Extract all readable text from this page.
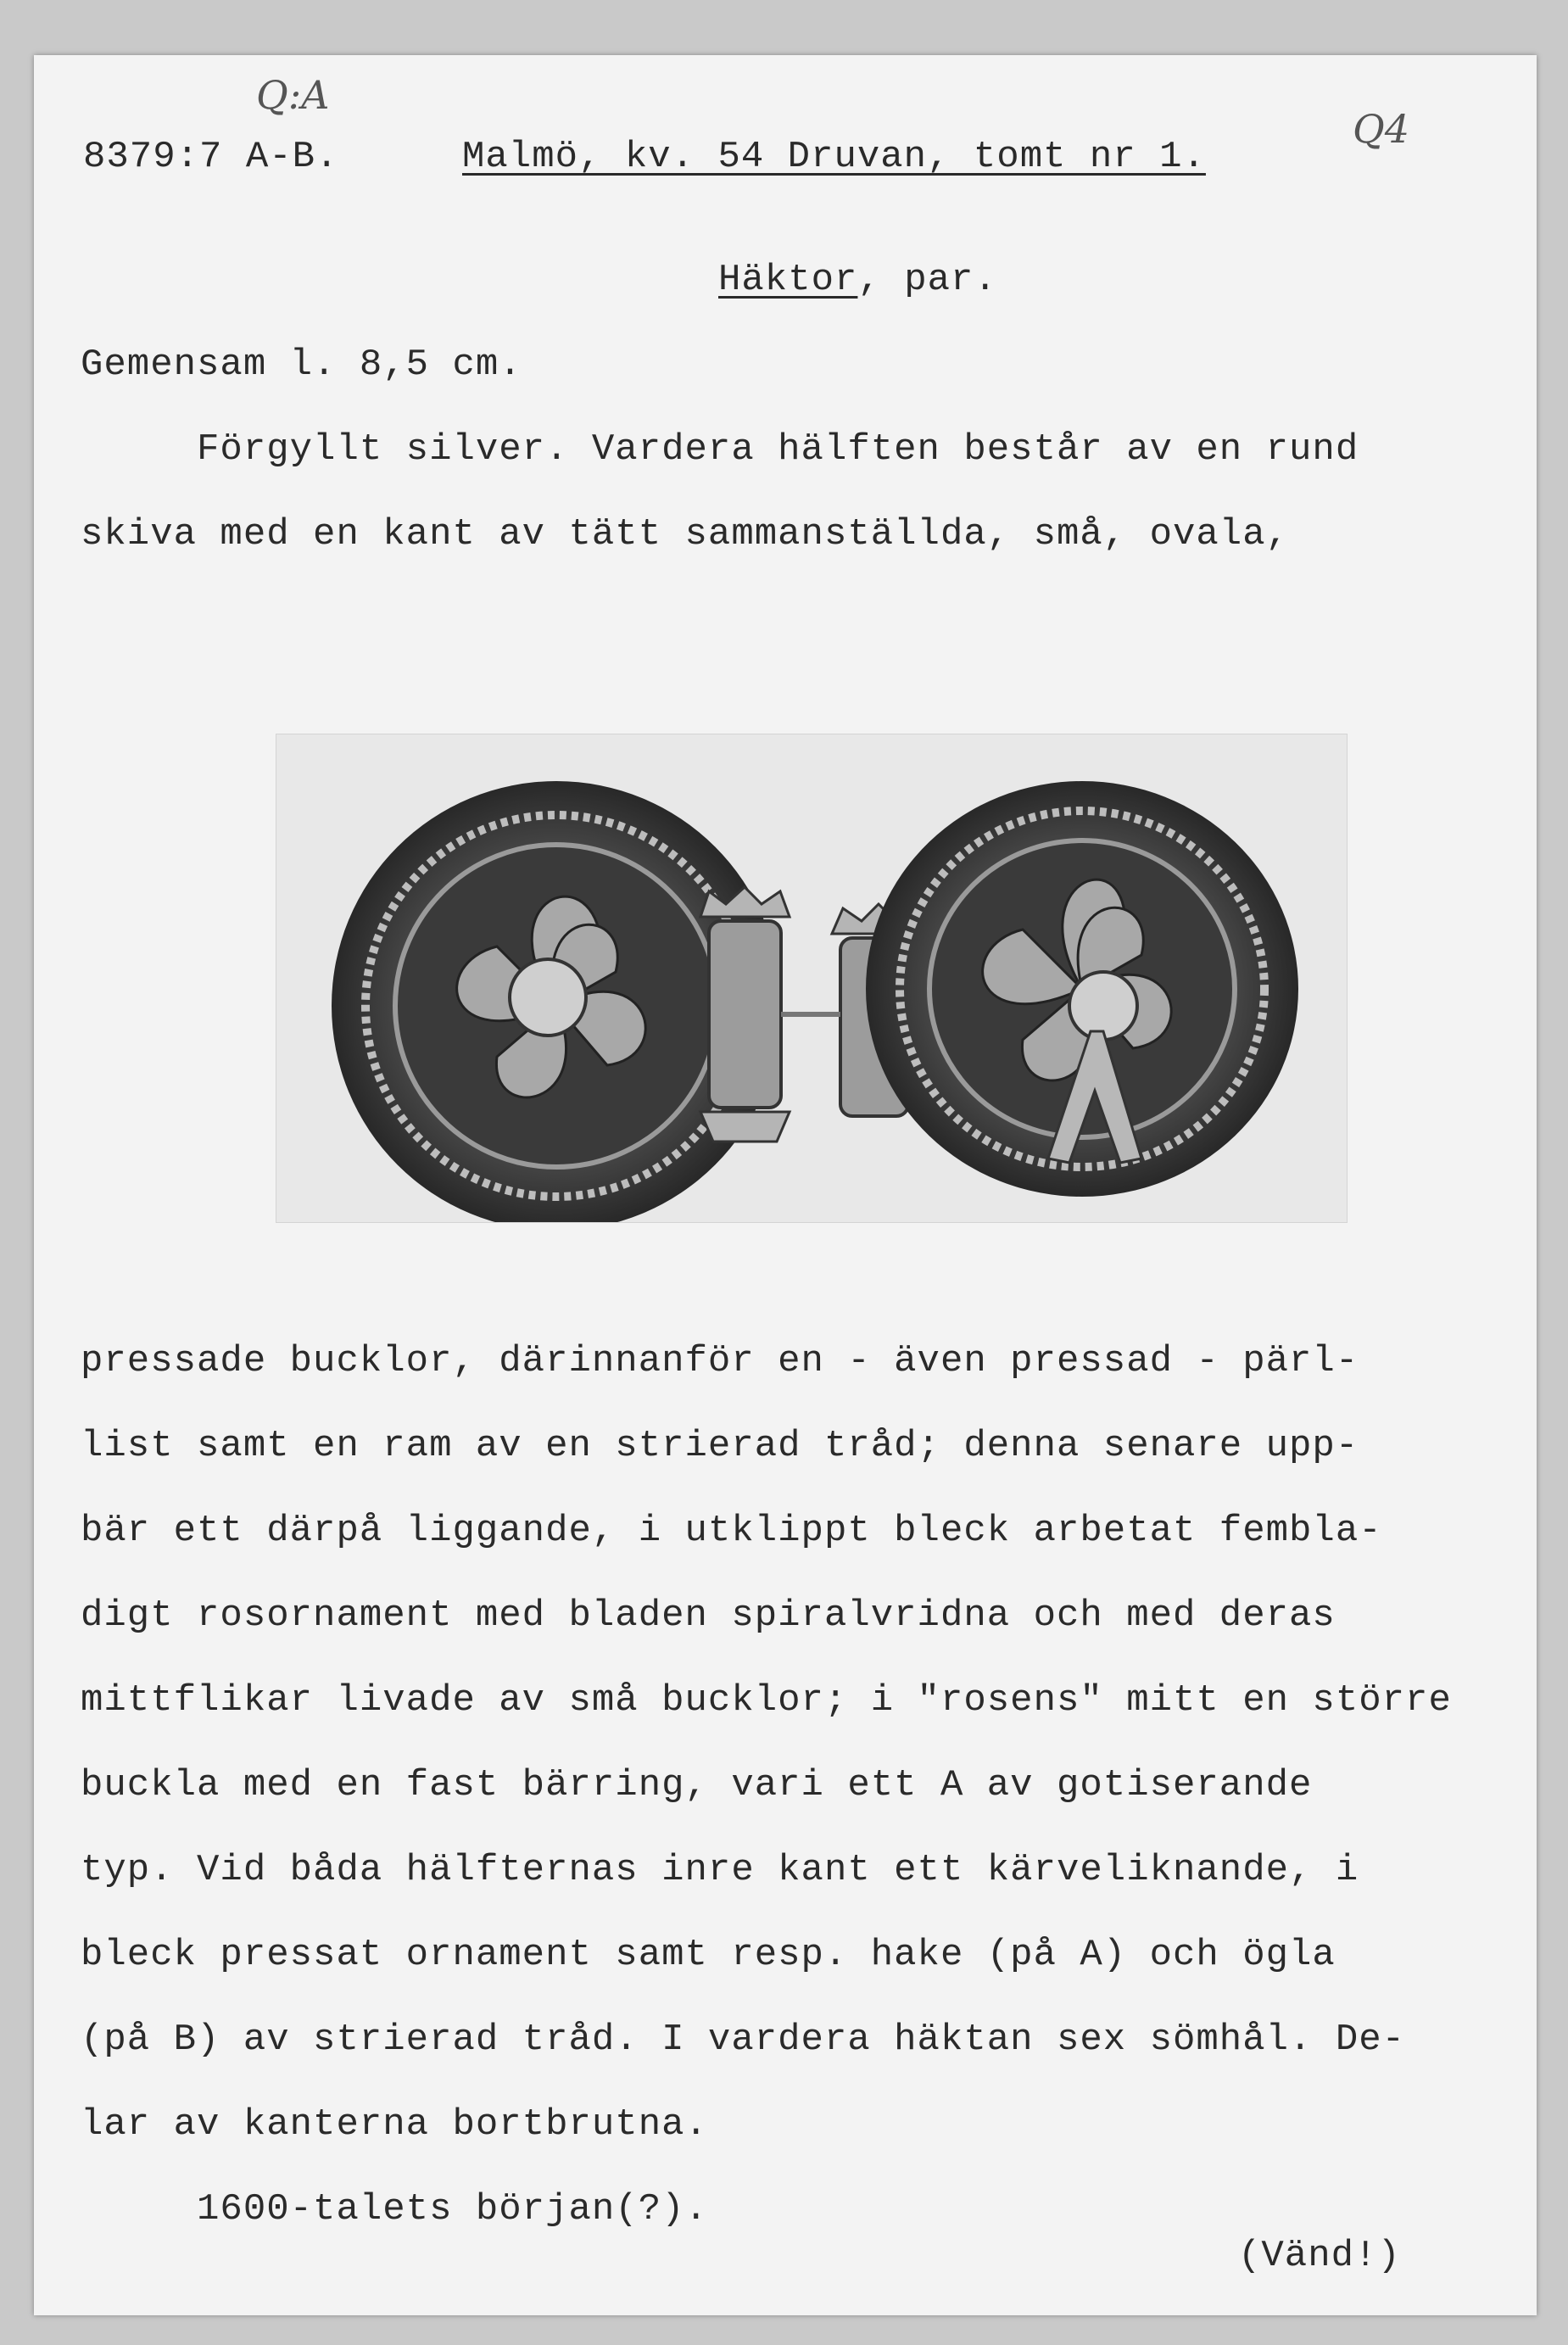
Q:A
Q4
8379:7 A-B.	Malmö, kv. 54 Druvan, tomt nr 1.
Häktor, par.
Gemensam l. 8,5 cm.
Förgyllt silver. Vardera hälften består av en rund
skiva med en kant av tätt sammanställda, små, ovala,
pressade bucklor, därinnanför en - även pressad - pärl-
list samt en ram av en strierad tråd; denna senare upp-
bär ett därpå liggande, i utklippt bleck arbetat fembla-
digt rosornament med bladen spiralvridna och med deras
mittflikar livade av små bucklor; i "rosens" mitt en större
buckla med en fast bärring, vari ett A av gotiserande
typ. Vid båda hälfternas inre kant ett kärveliknande, i
bleck pressat ornament samt resp. hake (på A) och ögla
(på B) av strierad tråd. I vardera häktan sex sömhål. De-
lar av kanterna bortbrutna.
1600-talets början(?).
(Vänd!)
